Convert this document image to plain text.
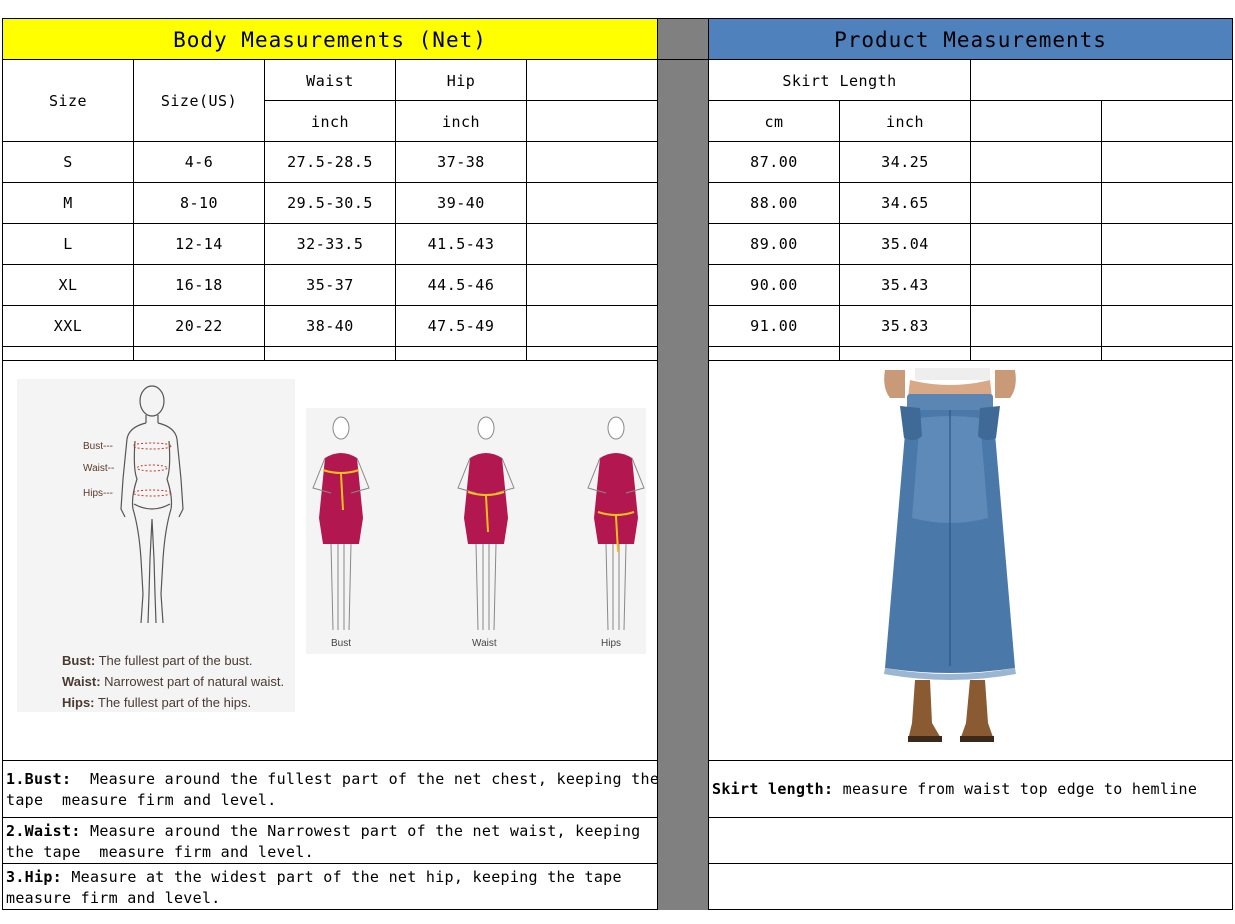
Body Measurements (Net)	Product Measurements
Size	Size(US)
Waist	Hip
inch	inch
Skirt Length
cm	inch
S	4-6	27.5-28.5	37-38	87.00	34.25
M	8-10	29.5-30.5	39-40	88.00	34.65
L	12-14	32-33.5	41.5-43	89.00	35.04
XL	16-18	35-37	44.5-46	90.00	35.43
XXL	20-22	38-40	47.5-49	91.00	35.83
Bust---
Waist--
Hips---
Bust: The fullest part of the bust.
Waist: Narrowest part of natural waist.
Hips: The fullest part of the hips.
Bust	Waist	Hips
1.Bust:  Measure around the fullest part of the net chest, keeping the
tape  measure firm and level.
2.Waist: Measure around the Narrowest part of the net waist, keeping
the tape  measure firm and level.
3.Hip: Measure at the widest part of the net hip, keeping the tape
measure firm and level.
Skirt length: measure from waist top edge to hemline
